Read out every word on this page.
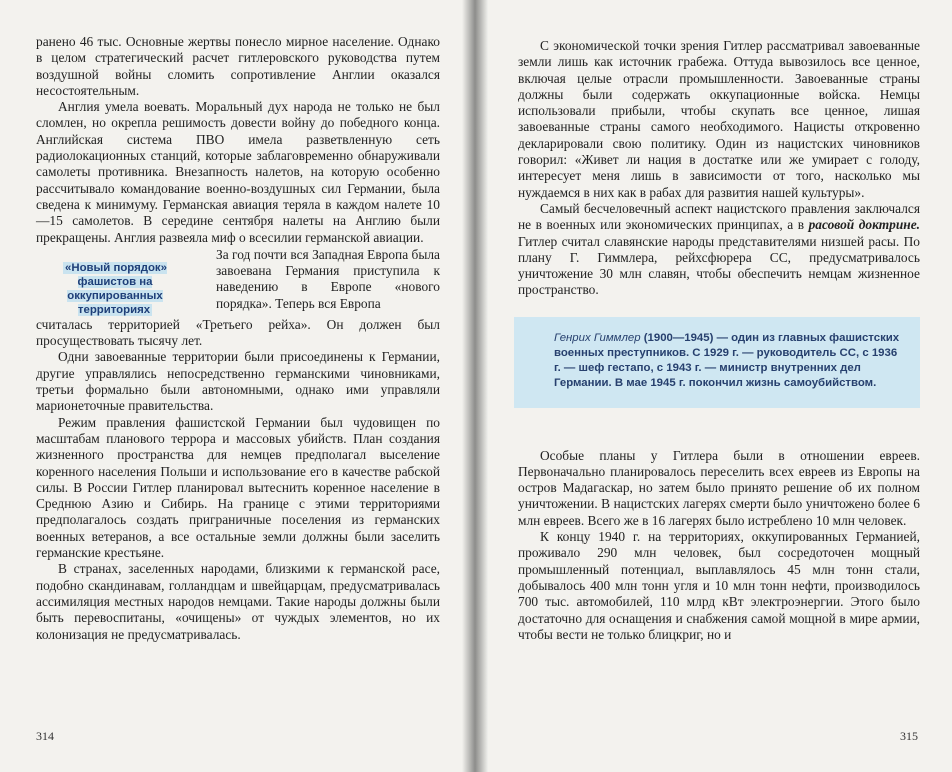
ранено 46 тыс. Основные жертвы понесло мирное население. Однако в целом стратегический расчет гитлеровского руководства путем воздушной войны сломить сопротивление Англии оказался несостоятельным.

Англия умела воевать. Моральный дух народа не только не был сломлен, но окрепла решимость довести войну до победного конца. Английская система ПВО имела разветвленную сеть радиолокационных станций, которые заблаговременно обнаруживали самолеты противника. Внезапность налетов, на которую особенно рассчитывало командование военно-воздушных сил Германии, была сведена к минимуму. Германская авиация теряла в каждом налете 10—15 самолетов. В середине сентября налеты на Англию были прекращены. Англия развеяла миф о всесилии германской авиации.

«Новый порядок» фашистов на оккупированных территориях

За год почти вся Западная Европа была завоевана Германия приступила к наведению в Европе «нового порядка». Теперь вся Европа

считалась территорией «Третьего рейха». Он должен был просуществовать тысячу лет.

Одни завоеванные территории были присоединены к Германии, другие управлялись непосредственно германскими чиновниками, третьи формально были автономными, однако ими управляли марионеточные правительства.

Режим правления фашистской Германии был чудовищен по масштабам планового террора и массовых убийств. План создания жизненного пространства для немцев предполагал выселение коренного населения Польши и использование его в качестве рабской силы. В России Гитлер планировал вытеснить коренное население в Среднюю Азию и Сибирь. На границе с этими территориями предполагалось создать приграничные поселения из германских военных ветеранов, а все остальные земли должны были заселить германские крестьяне.

В странах, заселенных народами, близкими к германской расе, подобно скандинавам, голландцам и швейцарцам, предусматривалась ассимиляция местных народов немцами. Такие народы должны были быть перевоспитаны, «очищены» от чуждых элементов, но их колонизация не предусматривалась.

314

С экономической точки зрения Гитлер рассматривал завоеванные земли лишь как источник грабежа. Оттуда вывозилось все ценное, включая целые отрасли промышленности. Завоеванные страны должны были содержать оккупационные войска. Немцы использовали прибыли, чтобы скупать все ценное, лишая завоеванные страны самого необходимого. Нацисты откровенно декларировали свою политику. Один из нацистских чиновников говорил: «Живет ли нация в достатке или же умирает с голоду, интересует меня лишь в зависимости от того, насколько мы нуждаемся в них как в рабах для развития нашей культуры».

Самый бесчеловечный аспект нацистского правления заключался не в военных или экономических принципах, а в расовой доктрине. Гитлер считал славянские народы представителями низшей расы. По плану Г. Гиммлера, рейхсфюрера СС, предусматривалось уничтожение 30 млн славян, чтобы обеспечить немцам жизненное пространство.

Генрих Гиммлер (1900—1945) — один из главных фашистских военных преступников. С 1929 г. — руководитель СС, с 1936 г. — шеф гестапо, с 1943 г. — министр внутренних дел Германии. В мае 1945 г. покончил жизнь самоубийством.

Особые планы у Гитлера были в отношении евреев. Первоначально планировалось переселить всех евреев из Европы на остров Мадагаскар, но затем было принято решение об их полном уничтожении. В нацистских лагерях смерти было уничтожено более 6 млн евреев. Всего же в 16 лагерях было истреблено 10 млн человек.

К концу 1940 г. на территориях, оккупированных Германией, проживало 290 млн человек, был сосредоточен мощный промышленный потенциал, выплавлялось 45 млн тонн стали, добывалось 400 млн тонн угля и 10 млн тонн нефти, производилось 700 тыс. автомобилей, 110 млрд кВт электроэнергии. Этого было достаточно для оснащения и снабжения самой мощной в мире армии, чтобы вести не только блицкриг, но и

315
